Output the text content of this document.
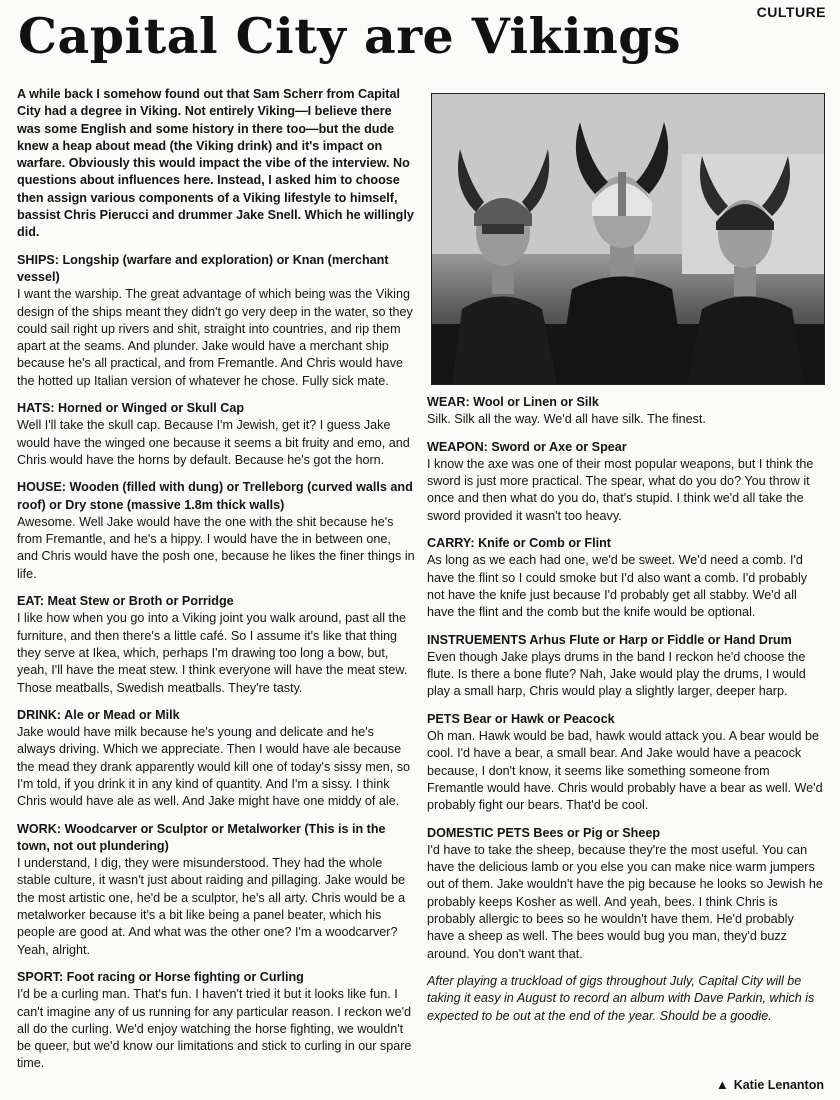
CULTURE
Capital City are Vikings

A while back I somehow found out that Sam Scherr from Capital City had a degree in Viking. Not entirely Viking—I believe there was some English and some history in there too—but the dude knew a heap about mead (the Viking drink) and it's impact on warfare. Obviously this would impact the vibe of the interview. No questions about influences here. Instead, I asked him to choose then assign various components of a Viking lifestyle to himself, bassist Chris Pierucci and drummer Jake Snell. Which he willingly did.

SHIPS: Longship (warfare and exploration) or Knan (merchant vessel)

I want the warship. The great advantage of which being was the Viking design of the ships meant they didn't go very deep in the water, so they could sail right up rivers and shit, straight into countries, and rip them apart at the seams. And plunder. Jake would have a merchant ship because he's all practical, and from Fremantle. And Chris would have the hotted up Italian version of whatever he chose. Fully sick mate.

HATS: Horned or Winged or Skull Cap

Well I'll take the skull cap. Because I'm Jewish, get it? I guess Jake would have the winged one because it seems a bit fruity and emo, and Chris would have the horns by default. Because he's got the horn.

HOUSE: Wooden (filled with dung) or Trelleborg (curved walls and roof) or Dry stone (massive 1.8m thick walls)

Awesome. Well Jake would have the one with the shit because he's from Fremantle, and he's a hippy. I would have the in between one, and Chris would have the posh one, because he likes the finer things in life.

EAT: Meat Stew or Broth or Porridge

I like how when you go into a Viking joint you walk around, past all the furniture, and then there's a little café. So I assume it's like that thing they serve at Ikea, which, perhaps I'm drawing too long a bow, but, yeah, I'll have the meat stew. I think everyone will have the meat stew. Those meatballs, Swedish meatballs. They're tasty.

DRINK: Ale or Mead or Milk

Jake would have milk because he's young and delicate and he's always driving. Which we appreciate. Then I would have ale because the mead they drank apparently would kill one of today's sissy men, so I'm told, if you drink it in any kind of quantity. And I'm a sissy. I think Chris would have ale as well. And Jake might have one middy of ale.

WORK: Woodcarver or Sculptor or Metalworker (This is in the town, not out plundering)

I understand, I dig, they were misunderstood. They had the whole stable culture, it wasn't just about raiding and pillaging. Jake would be the most artistic one, he'd be a sculptor, he's all arty. Chris would be a metalworker because it's a bit like being a panel beater, which his people are good at. And what was the other one? I'm a woodcarver? Yeah, alright.

SPORT: Foot racing or Horse fighting or Curling

I'd be a curling man. That's fun. I haven't tried it but it looks like fun. I can't imagine any of us running for any particular reason. I reckon we'd all do the curling. We'd enjoy watching the horse fighting, we wouldn't be queer, but we'd know our limitations and stick to curling in our spare time.

WEAR: Wool or Linen or Silk

Silk. Silk all the way. We'd all have silk. The finest.

WEAPON: Sword or Axe or Spear

I know the axe was one of their most popular weapons, but I think the sword is just more practical. The spear, what do you do? You throw it once and then what do you do, that's stupid. I think we'd all take the sword provided it wasn't too heavy.

CARRY: Knife or Comb or Flint

As long as we each had one, we'd be sweet. We'd need a comb. I'd have the flint so I could smoke but I'd also want a comb. I'd probably not have the knife just because I'd probably get all stabby. We'd all have the flint and the comb but the knife would be optional.

INSTRUEMENTS Arhus Flute or Harp or Fiddle or Hand Drum

Even though Jake plays drums in the band I reckon he'd choose the flute. Is there a bone flute? Nah, Jake would play the drums, I would play a small harp, Chris would play a slightly larger, deeper harp.

PETS Bear or Hawk or Peacock

Oh man. Hawk would be bad, hawk would attack you. A bear would be cool. I'd have a bear, a small bear. And Jake would have a peacock because, I don't know, it seems like something someone from Fremantle would have. Chris would probably have a bear as well. We'd probably fight our bears. That'd be cool.

DOMESTIC PETS Bees or Pig or Sheep

I'd have to take the sheep, because they're the most useful. You can have the delicious lamb or you else you can make nice warm jumpers out of them. Jake wouldn't have the pig because he looks so Jewish he probably keeps Kosher as well. And yeah, bees. I think Chris is probably allergic to bees so he wouldn't have them. He'd probably have a sheep as well. The bees would bug you man, they'd buzz around. You don't want that.

After playing a truckload of gigs throughout July, Capital City will be taking it easy in August to record an album with Dave Parkin, which is expected to be out at the end of the year. Should be a goodie.

▲ Katie Lenanton
